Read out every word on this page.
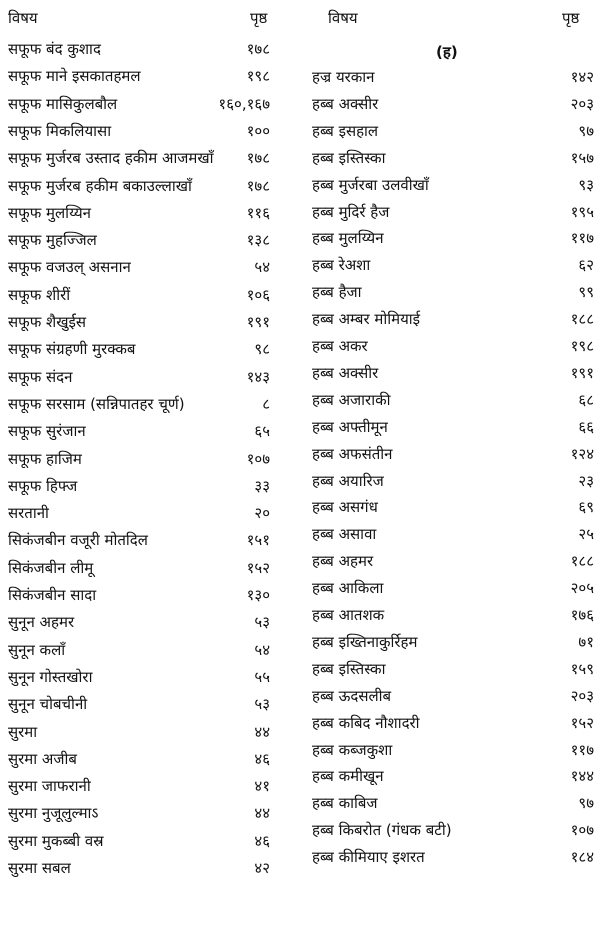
विषय	पृष्ठ
सफूफ बंद कुशाद	१७८
सफूफ माने इसकातहमल	१९८
सफूफ मासिकुलबौल	१६०,१६७
सफूफ मिकलियासा	१००
सफूफ मुर्जरब उस्ताद हकीम आजमखाँ १७८
सफूफ मुर्जरब हकीम बकाउल्लाखाँ	१७८
सफूफ मुलय्यिन	११६
सफूफ मुहज्जिल	१३८
सफूफ वजउल् असनान	५४
सफूफ शीरीं	१०६
सफूफ शैखुर्ईस	१९१
सफूफ संग्रहणी मुरक्कब	९८
सफूफ संदन	१४३
सफूफ सरसाम (सन्निपातहर चूर्ण)	८
सफूफ सुरंजान	६५
सफूफ हाजिम	१०७
सफूफ हिफ्ज	३३
सरतानी	२०
सिकंजबीन वजूरी मोतदिल	१५१
सिकंजबीन लीमू	१५२
सिकंजबीन सादा	१३०
सुनून अहमर	५३
सुनून कलाँ	५४
सुनून गोस्तखोरा	५५
सुनून चोबचीनी	५३
सुरमा	४४
सुरमा अजीब	४६
सुरमा जाफरानी	४१
सुरमा नुजूलुल्माऽ	४४
सुरमा मुकब्बी वस्र	४६
सुरमा सबल	४२
विषय	पृष्ठ
(ह)
हज्र यरकान	१४२
हब्ब अक्सीर	२०३
हब्ब इसहाल	९७
हब्ब इस्तिस्का	१५७
हब्ब मुर्जरबा उलवीखाँ	९३
हब्ब मुदिर्र हैज	१९५
हब्ब मुलय्यिन	११७
हब्ब रेअशा	६२
हब्ब हैजा	९९
हब्ब अम्बर मोमियाई	१८८
हब्ब अकर	१९८
हब्ब अक्सीर	१९१
हब्ब अजाराकी	६८
हब्ब अफ्तीमून	६६
हब्ब अफसंतीन	१२४
हब्ब अयारिज	२३
हब्ब असगंध	६९
हब्ब असावा	२५
हब्ब अहमर	१८८
हब्ब आकिला	२०५
हब्ब आतशक	१७६
हब्ब इख्तिनाकुर्रिहम	७१
हब्ब इस्तिस्का	१५९
हब्ब ऊदसलीब	२०३
हब्ब कबिद नौशादरी	१५२
हब्ब कब्जकुशा	११७
हब्ब कमीखून	१४४
हब्ब काबिज	९७
हब्ब किबरोत (गंधक बटी)	१०७
हब्ब कीमियाए इशरत	१८४
